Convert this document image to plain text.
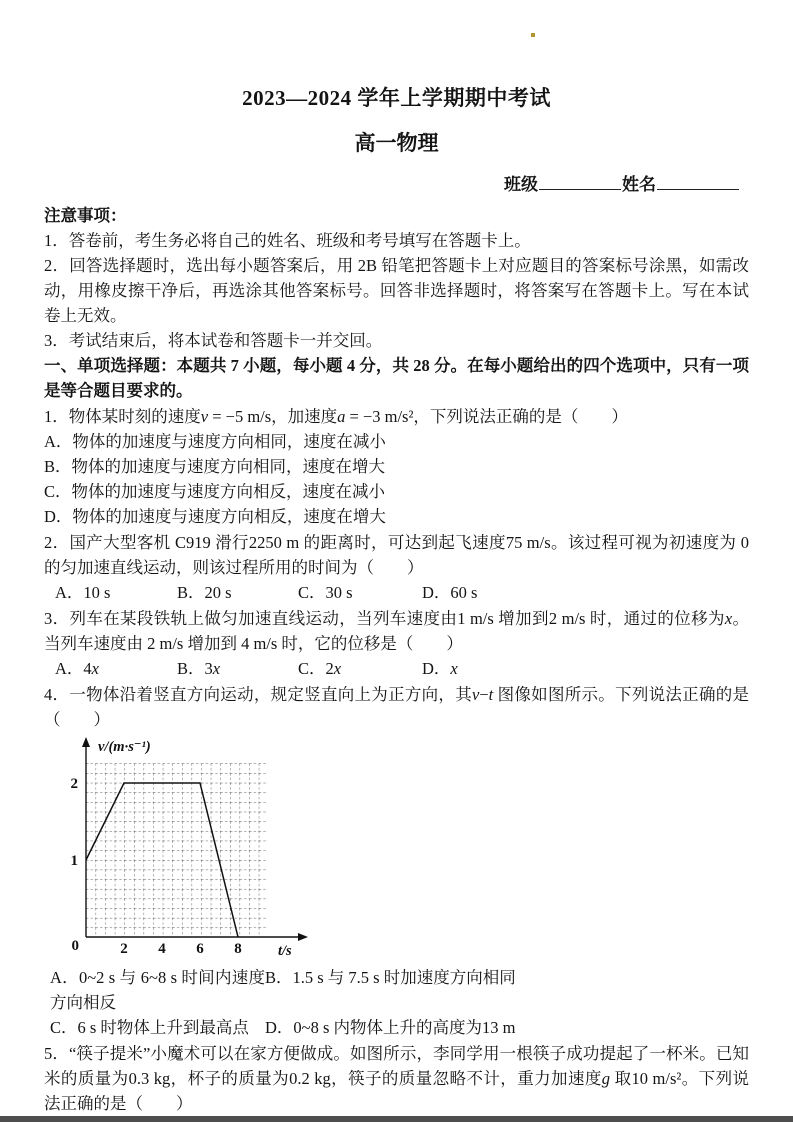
2023—2024 学年上学期期中考试
高一物理
班级	姓名

注意事项：

1．答卷前，考生务必将自己的姓名、班级和考号填写在答题卡上。

2．回答选择题时，选出每小题答案后，用 2B 铅笔把答题卡上对应题目的答案标号涂黑，如需改动，用橡皮擦干净后，再选涂其他答案标号。回答非选择题时，将答案写在答题卡上。写在本试卷上无效。

3．考试结束后，将本试卷和答题卡一并交回。

一、单项选择题：本题共 7 小题，每小题 4 分，共 28 分。在每小题给出的四个选项中，只有一项是等合题目要求的。

1．物体某时刻的速度v = −5 m/s，加速度a = −3 m/s²，下列说法正确的是（　　）

A．物体的加速度与速度方向相同，速度在减小

B．物体的加速度与速度方向相同，速度在增大

C．物体的加速度与速度方向相反，速度在减小

D．物体的加速度与速度方向相反，速度在增大

2．国产大型客机 C919 滑行2250 m 的距离时，可达到起飞速度75 m/s。该过程可视为初速度为 0 的匀加速直线运动，则该过程所用的时间为（　　）

A．10 s	B．20 s	C．30 s	D．60 s

3．列车在某段铁轨上做匀加速直线运动，当列车速度由1 m/s 增加到2 m/s 时，通过的位移为x。当列车速度由 2 m/s 增加到 4 m/s 时，它的位移是（　　）

A．4x	B．3x	C．2x	D．x

4．一物体沿着竖直方向运动，规定竖直向上为正方向，其v−t 图像如图所示。下列说法正确的是（　　）

2 4 6 8
0
1
2
v/(m·s⁻¹)
t/s
A．0~2 s 与 6~8 s 时间内速度方向相反
B．1.5 s 与 7.5 s 时加速度方向相同
C．6 s 时物体上升到最高点 D．0~8 s 内物体上升的高度为13 m

5．“筷子提米”小魔术可以在家方便做成。如图所示，李同学用一根筷子成功提起了一杯米。已知米的质量为0.3 kg，杯子的质量为0.2 kg，筷子的质量忽略不计，重力加速度g 取10 m/s²。下列说法正确的是（　　）
